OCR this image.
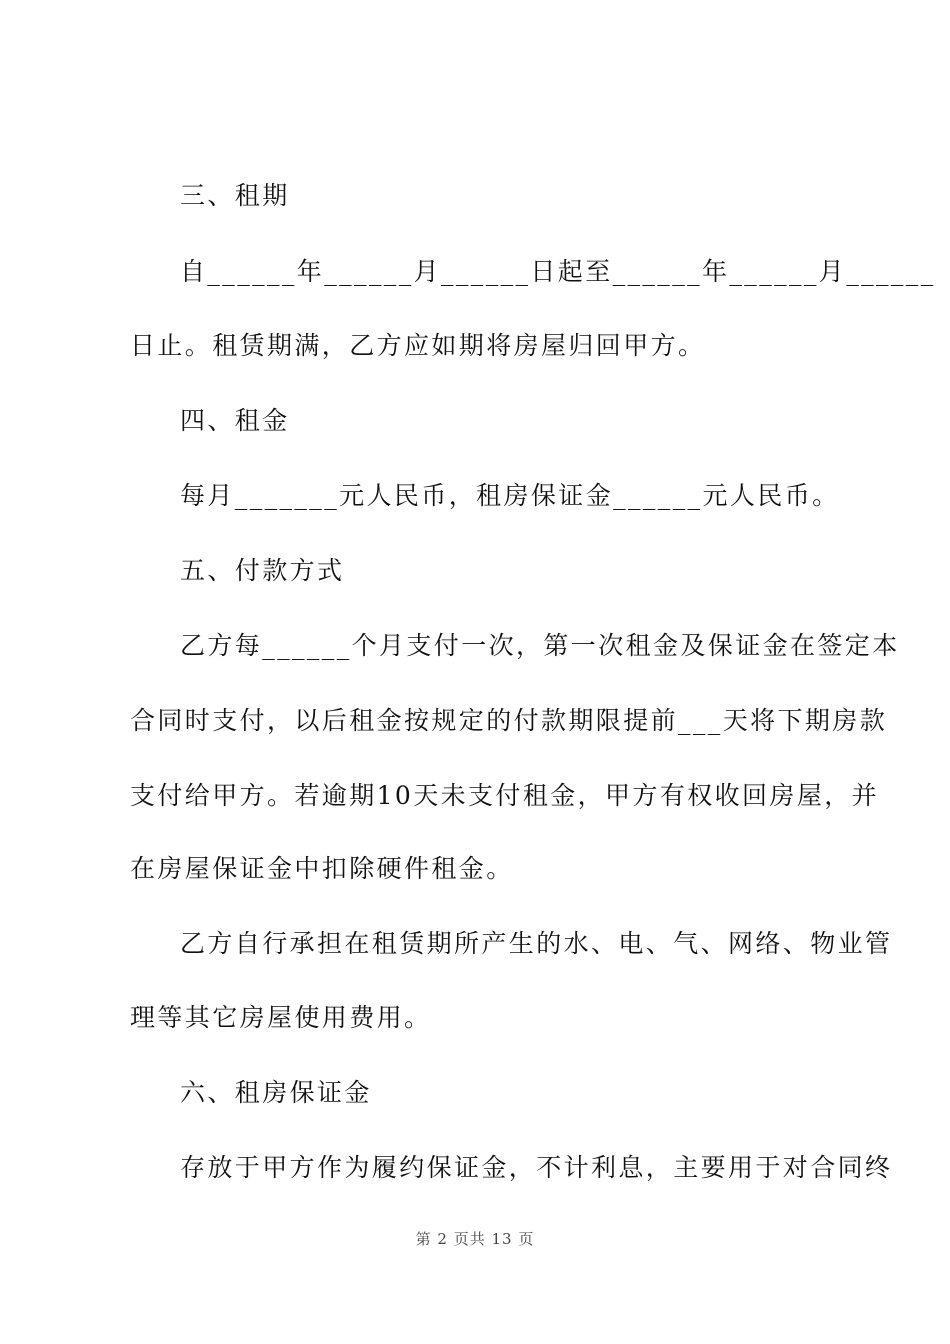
三、租期
自______年______月______日起至______年______月______
日止。租赁期满，乙方应如期将房屋归回甲方。
四、租金
每月_______元人民币，租房保证金______元人民币。
五、付款方式
乙方每______个月支付一次，第一次租金及保证金在签定本
合同时支付，以后租金按规定的付款期限提前___天将下期房款
支付给甲方。若逾期10天未支付租金，甲方有权收回房屋，并
在房屋保证金中扣除硬件租金。
乙方自行承担在租赁期所产生的水、电、气、网络、物业管
理等其它房屋使用费用。
六、租房保证金
存放于甲方作为履约保证金，不计利息，主要用于对合同终
第 2 页共 13 页
